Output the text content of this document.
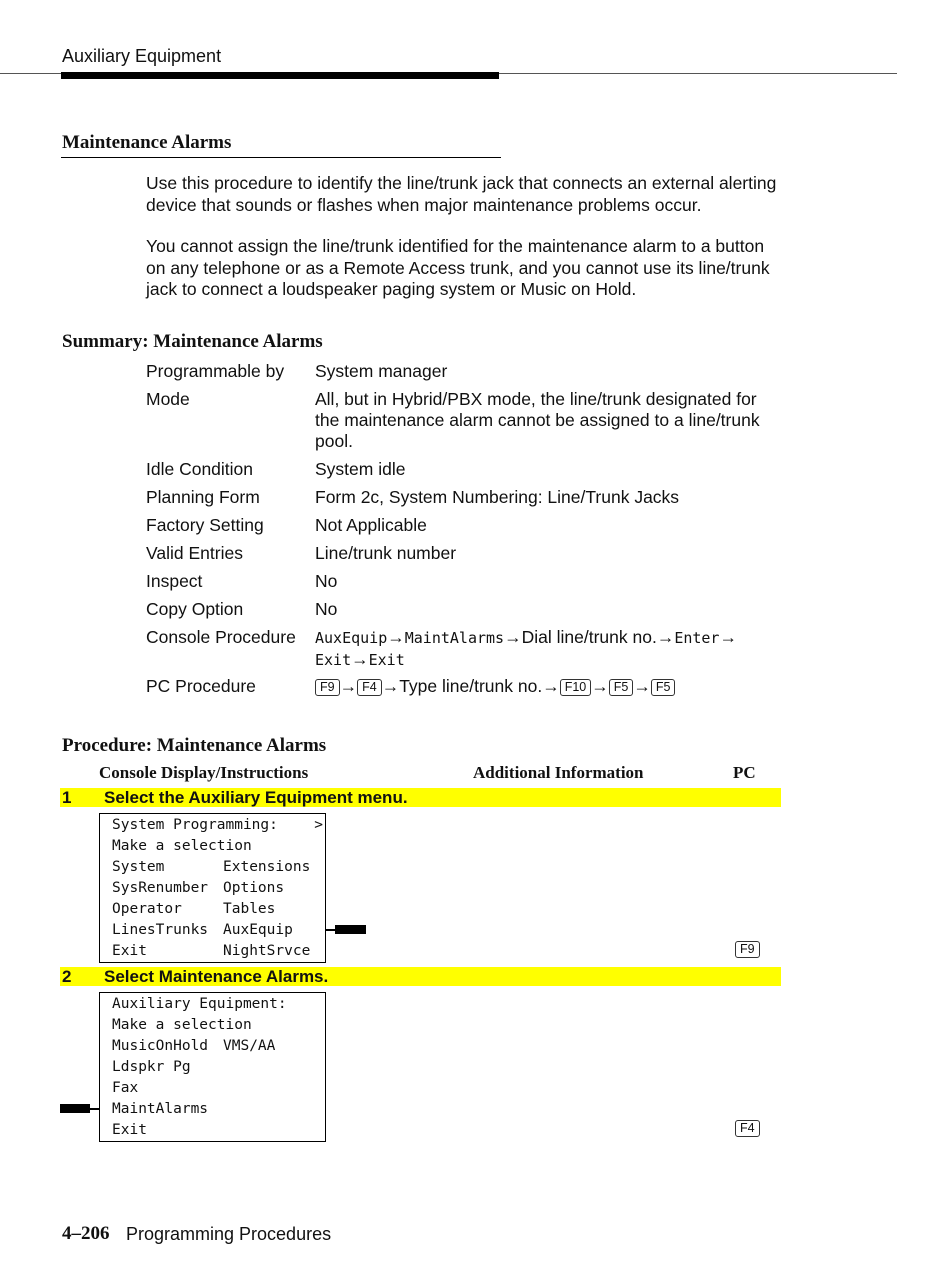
Auxiliary Equipment
Maintenance Alarms
Use this procedure to identify the line/trunk jack that connects an external alerting device that sounds or flashes when major maintenance problems occur.
You cannot assign the line/trunk identified for the maintenance alarm to a button on any telephone or as a Remote Access trunk, and you cannot use its line/trunk jack to connect a loudspeaker paging system or Music on Hold.
Summary: Maintenance Alarms
Programmable by System manager
Mode	All, but in Hybrid/PBX mode, the line/trunk designated for the maintenance alarm cannot be assigned to a line/trunk pool.
Idle Condition	System idle
Planning Form	Form 2c, System Numbering: Line/Trunk Jacks
Factory Setting	Not Applicable
Valid Entries	Line/trunk number
Inspect	No
Copy Option	No
Console Procedure AuxEquip→MaintAlarms→Dial line/trunk no.→Enter→
Exit→Exit
PC Procedure	F9 → F4 →Type line/trunk no.→ F10 → F5 → F5
Procedure: Maintenance Alarms
Console Display/Instructions	Additional Information	PC
1 Select the Auxiliary Equipment menu.
System Programming:	>
Make a selection
System	Extensions
SysRenumber Options
Operator	Tables
LinesTrunks AuxEquip
Exit	NightSrvce	F9
2 Select Maintenance Alarms.
Auxiliary Equipment:
Make a selection
MusicOnHold VMS/AA
Ldspkr Pg
Fax
MaintAlarms
Exit	F4
4–206 Programming Procedures
